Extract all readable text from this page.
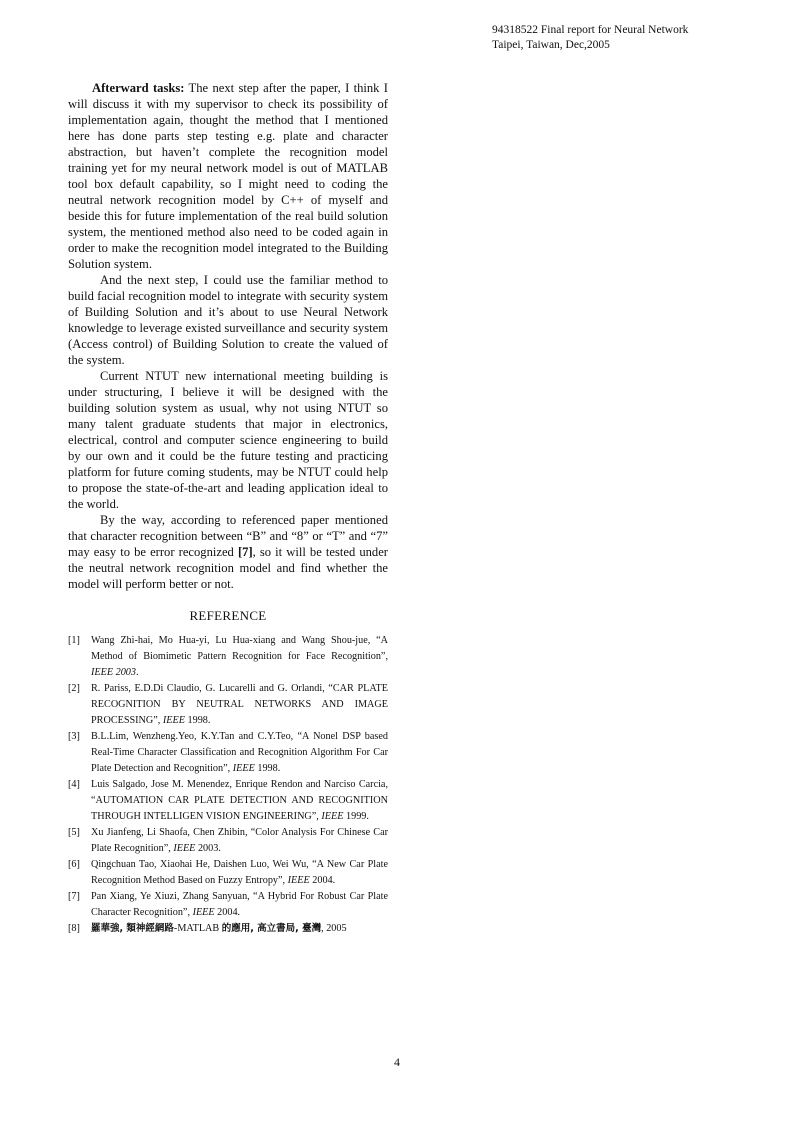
94318522 Final report for Neural Network
Taipei, Taiwan, Dec,2005

Afterward tasks: The next step after the paper, I think I will discuss it with my supervisor to check its possibility of implementation again, thought the method that I mentioned here has done parts step testing e.g. plate and character abstraction, but haven’t complete the recognition model training yet for my neural network model is out of MATLAB tool box default capability, so I might need to coding the neutral network recognition model by C++ of myself and beside this for future implementation of the real build solution system, the mentioned method also need to be coded again in order to make the recognition model integrated to the Building Solution system.

And the next step, I could use the familiar method to build facial recognition model to integrate with security system of Building Solution and it’s about to use Neural Network knowledge to leverage existed surveillance and security system (Access control) of Building Solution to create the valued of the system.

Current NTUT new international meeting building is under structuring, I believe it will be designed with the building solution system as usual, why not using NTUT so many talent graduate students that major in electronics, electrical, control and computer science engineering to build by our own and it could be the future testing and practicing platform for future coming students, may be NTUT could help to propose the state-of-the-art and leading application ideal to the world.

By the way, according to referenced paper mentioned that character recognition between “B” and “8” or “T” and “7” may easy to be error recognized [7], so it will be tested under the neutral network recognition model and find whether the model will perform better or not.

REFERENCE
[1] Wang Zhi-hai, Mo Hua-yi, Lu Hua-xiang and Wang Shou-jue, “A Method of Biomimetic Pattern Recognition for Face Recognition”, IEEE 2003.
[2] R. Pariss, E.D.Di Claudio, G. Lucarelli and G. Orlandi, “CAR PLATE RECOGNITION BY NEUTRAL NETWORKS AND IMAGE PROCESSING”, IEEE 1998.
[3] B.L.Lim, Wenzheng.Yeo, K.Y.Tan and C.Y.Teo, “A Nonel DSP based Real-Time Character Classification and Recognition Algorithm For Car Plate Detection and Recognition”, IEEE 1998.
[4] Luis Salgado, Jose M. Menendez, Enrique Rendon and Narciso Carcia, “AUTOMATION CAR PLATE DETECTION AND RECOGNITION THROUGH INTELLIGEN VISION ENGINEERING”, IEEE 1999.
[5] Xu Jianfeng, Li Shaofa, Chen Zhibin, “Color Analysis For Chinese Car Plate Recognition”, IEEE 2003.
[6] Qingchuan Tao, Xiaohai He, Daishen Luo, Wei Wu, “A New Car Plate Recognition Method Based on Fuzzy Entropy”, IEEE 2004.
[7] Pan Xiang, Ye Xiuzi, Zhang Sanyuan, “A Hybrid For Robust Car Plate Character Recognition”, IEEE 2004.
[8] 羅華強, 類神經網路-MATLAB 的應用, 高立書局, 臺灣, 2005
4
